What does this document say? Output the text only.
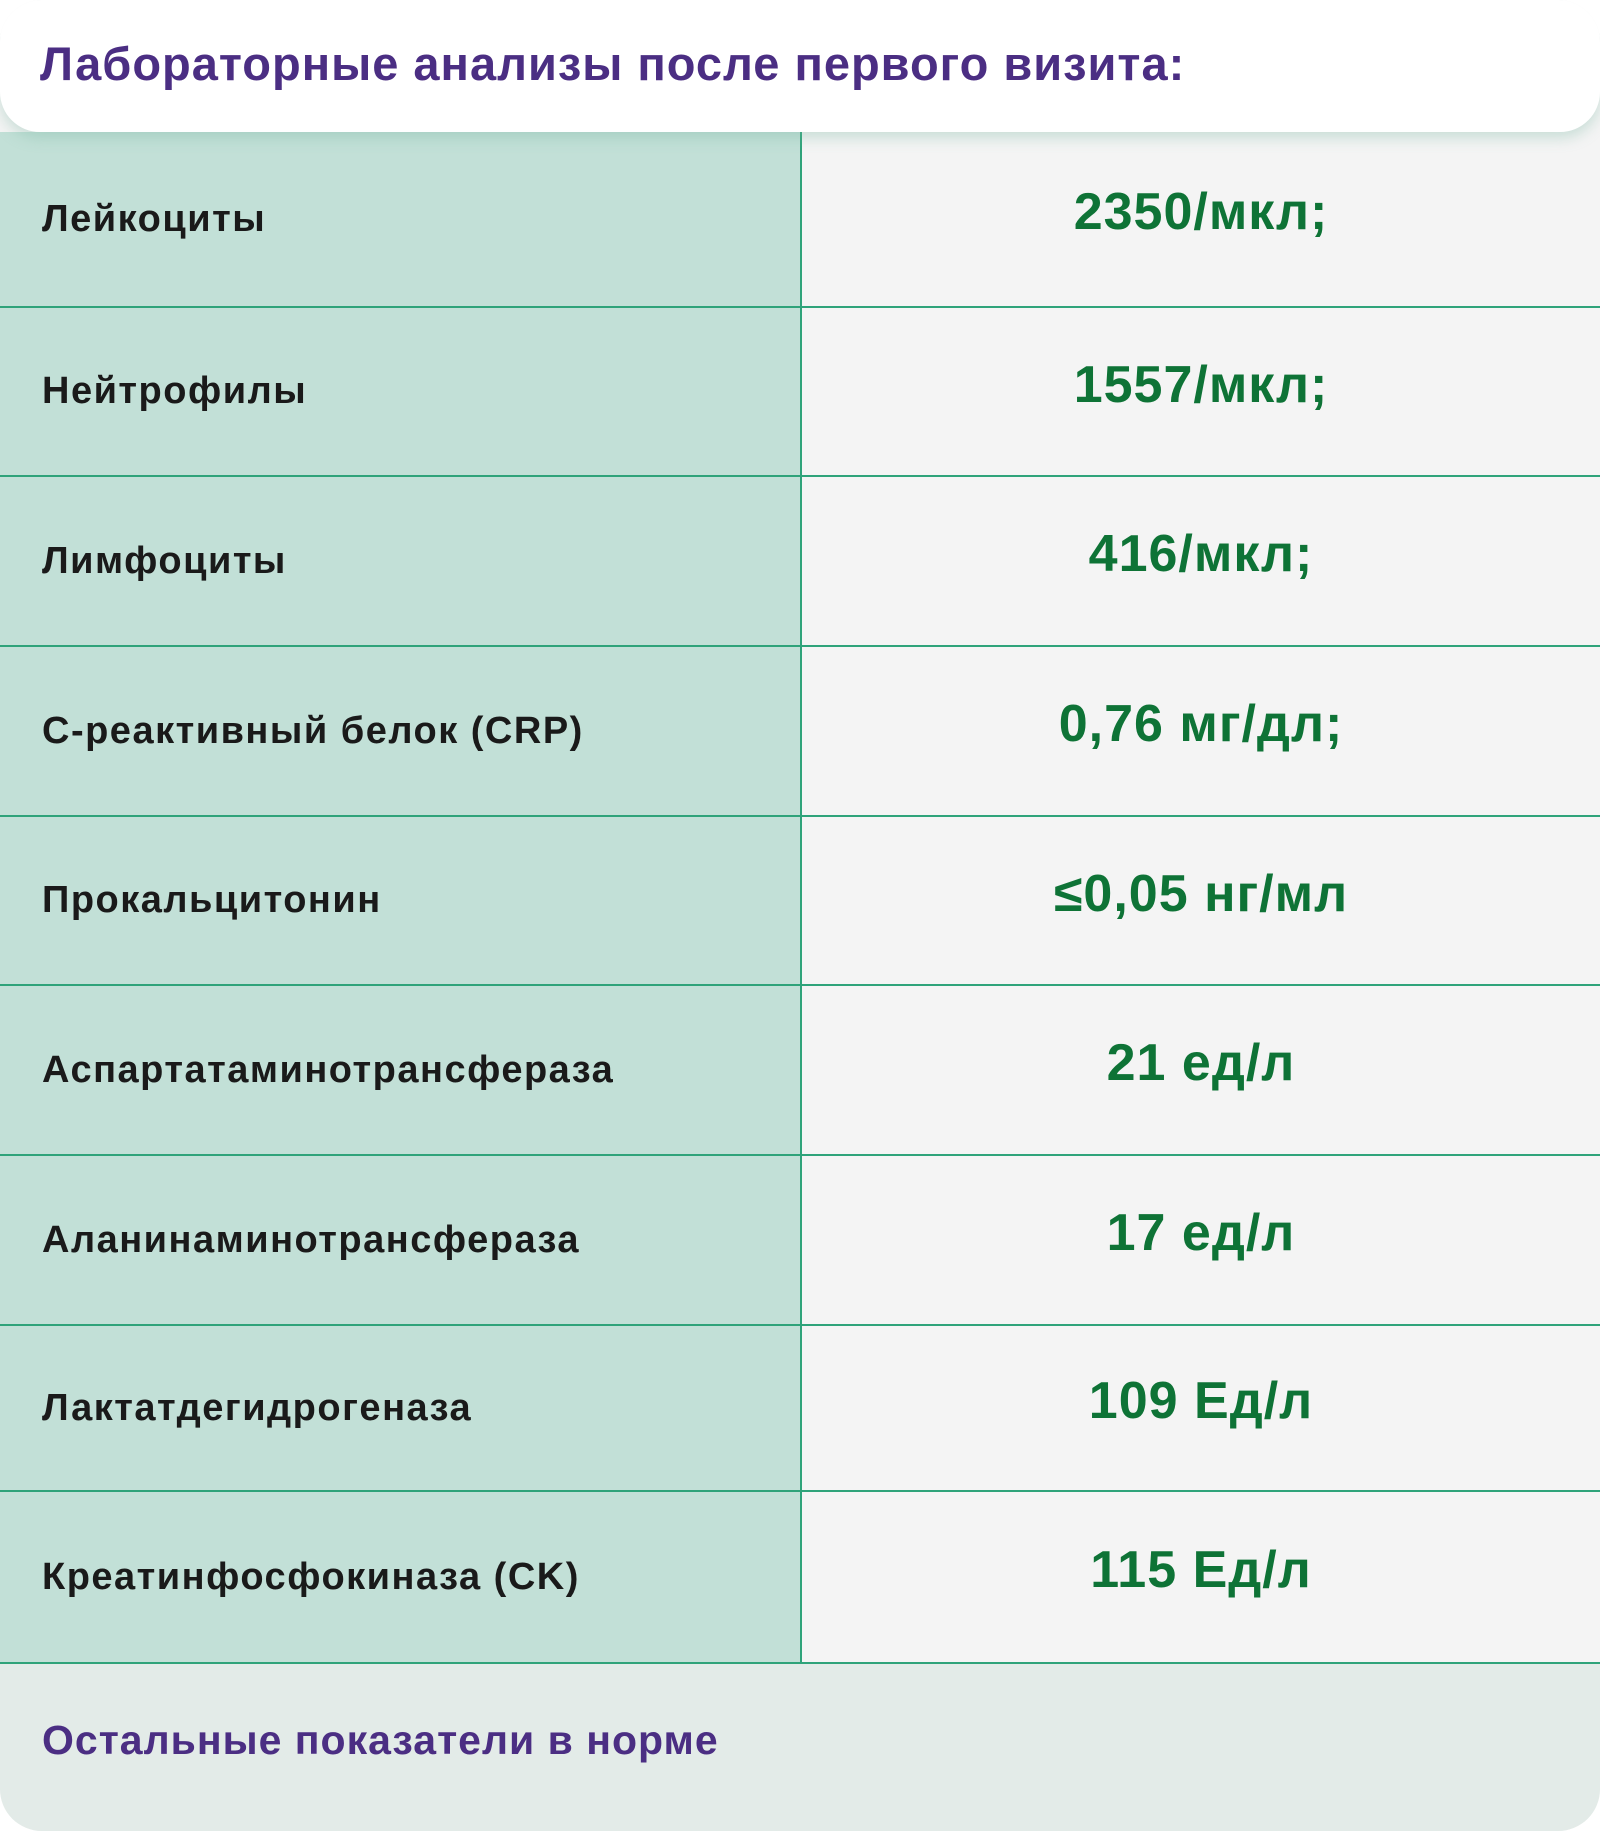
Лабораторные анализы после первого визита:
Лейкоциты	2350/мкл;
Нейтрофилы	1557/мкл;
Лимфоциты	416/мкл;
С-реактивный белок (CRP)	0,76 мг/дл;
Прокальцитонин	≤0,05 нг/мл
Аспартатаминотрансфераза	21 ед/л
Аланинаминотрансфераза	17 ед/л
Лактатдегидрогеназа	109 Ед/л
Креатинфосфокиназа (CK)	115 Ед/л
Остальные показатели в норме
